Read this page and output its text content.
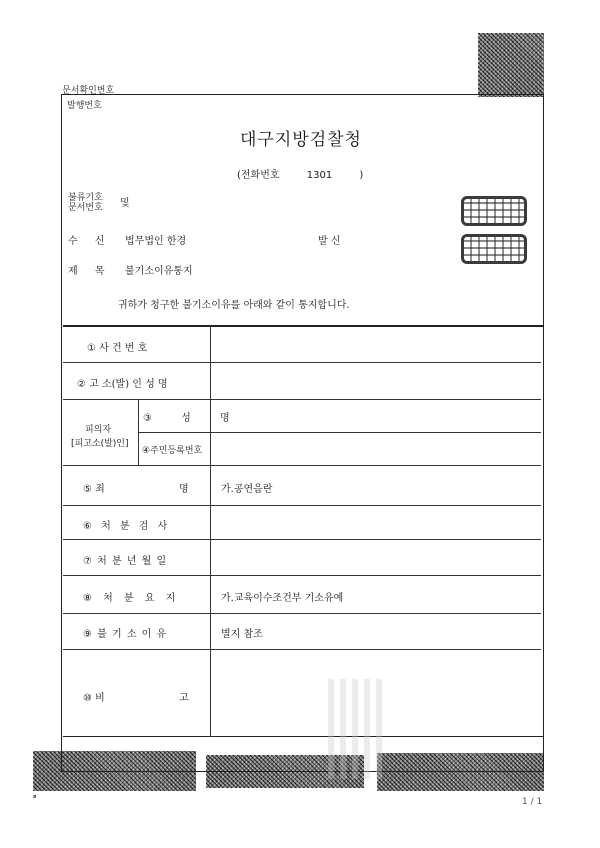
문서확인번호
발행번호
대구지방검찰청
(전화번호	1301	)
불류기호
문서번호 및
수 신 법무법인 한경	발 신
제 목 불기소이유통지
귀하가 청구한 불기소이유를 아래와 같이 통지합니다.
① 사 건 번 호
② 고 소(발) 인 성 명
피의자
[피고소(발)인]
③ 성 명
④주민등록번호
⑤ 죄	명	가.공연음란
⑥ 처 분 검 사
⑦ 처 분 년 월 일
⑧ 처 분 요 지	가.교육이수조건부 기소유예
⑨ 불 기 소 이 유	별지 참조
⑩ 비	고
1 / 1
